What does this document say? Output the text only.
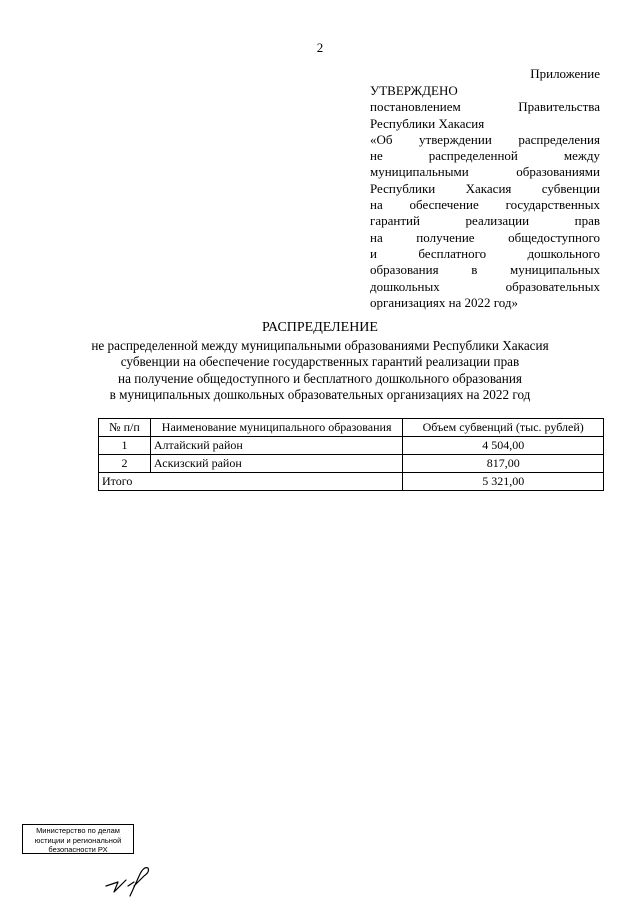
2
Приложение
УТВЕРЖДЕНО
постановлением Правительства
Республики Хакасия
«Об утверждении распределения
не распределенной между
муниципальными образованиями
Республики Хакасия субвенции
на обеспечение государственных
гарантий реализации прав
на получение общедоступного
и бесплатного дошкольного
образования в муниципальных
дошкольных образовательных
организациях на 2022 год»
РАСПРЕДЕЛЕНИЕ
не распределенной между муниципальными образованиями Республики Хакасия
субвенции на обеспечение государственных гарантий реализации прав
на получение общедоступного и бесплатного дошкольного образования
в муниципальных дошкольных образовательных организациях на 2022 год
№ п/п	Наименование муниципального образования	Объем субвенций (тыс. рублей)
1	Алтайский район	4 504,00
2	Аскизский район	817,00
Итого		5 321,00
Министерство по делам
юстиции и региональной
безопасности РХ
